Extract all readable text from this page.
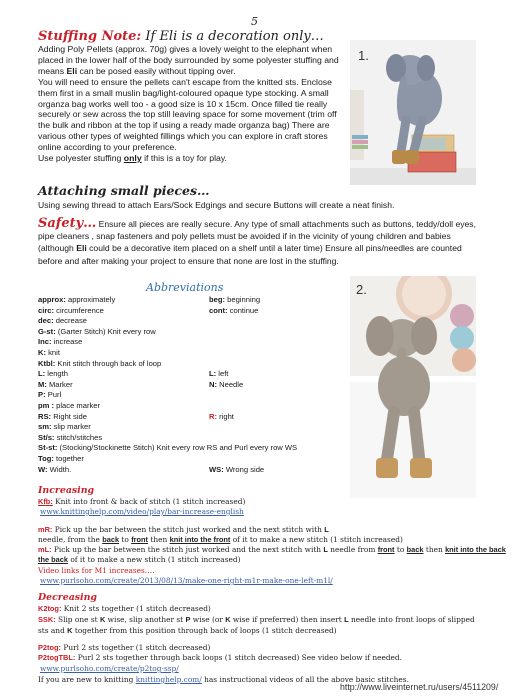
5
Stuffing Note: If Eli is a decoration only…

Adding Poly Pellets (approx. 70g) gives a lovely weight to the elephant when placed in the lower half of the body surrounded by some polyester stuffing and means Eli can be posed easily without tipping over.

You will need to ensure the pellets can't escape from the knitted sts. Enclose them first in a small muslin bag/light-coloured opaque type stocking. A small organza bag works well too - a good size is 10 x 15cm. Once filled tie really securely or sew across the top still leaving space for some movement (trim off the bulk and ribbon at the top if using a ready made organza bag) There are various other types of weighted fillings which you can explore in craft stores online according to your preference.

Use polyester stuffing only if this is a toy for play.

1.
Attaching small pieces…
Using sewing thread to attach Ears/Sock Edgings and secure Buttons will create a neat finish.
Safety… Ensure all pieces are really secure. Any type of small attachments such as buttons, teddy/doll eyes, pipe cleaners , snap fasteners and poly pellets must be avoided if in the vicinity of young children and babies (although Eli could be a decorative item placed on a shelf until a later time) Ensure all pins/needles are counted before and after making your project to ensure that none are lost in the stuffing.
Abbreviations
approx: approximately	beg: beginning
circ: circumference	cont: continue
dec: decrease
G-st: (Garter Stitch) Knit every row
Inc: increase
K: knit
Ktbl: Knit stitch through back of loop
L: length	L: left
M: Marker	N: Needle
P: Purl
pm : place marker
RS: Right side	R: right
sm: slip marker
St/s: stitch/stitches
St-st: (Stocking/Stockinette Stitch) Knit every row RS and Purl every row WS
Tog: together
W: Width.	WS: Wrong side
2.
Increasing
Kfb: Knit into front & back of stitch (1 stitch increased)
www.knittinghelp.com/video/play/bar-increase-english
mR: Pick up the bar between the stitch just worked and the next stitch with L
needle, from the back to front then knit into the front of it to make a new stitch (1 stitch increased)
mL: Pick up the bar between the stitch just worked and the next stitch with L needle from front to back then knit into the back
the back of it to make a new stitch (1 stitch increased)
Video links for M1 increases….
www.purlsoho.com/create/2013/08/13/make-one-right-m1r-make-one-left-m1l/
Decreasing
K2tog: Knit 2 sts together (1 stitch decreased)
SSK: Slip one st K wise, slip another st P wise (or K wise if preferred) then insert L needle into front loops of slipped
sts and K together from this position through back of loops (1 stitch decreased)
P2tog: Purl 2 sts together (1 stitch decreased)
P2togTBL: Purl 2 sts together through back loops (1 stitch decreased) See video below if needed.
www.purlsoho.com/create/p2tog-ssp/
If you are new to knitting knittinghelp.com/ has instructional videos of all the above basic stitches.
http://www.liveinternet.ru/users/4511209/
